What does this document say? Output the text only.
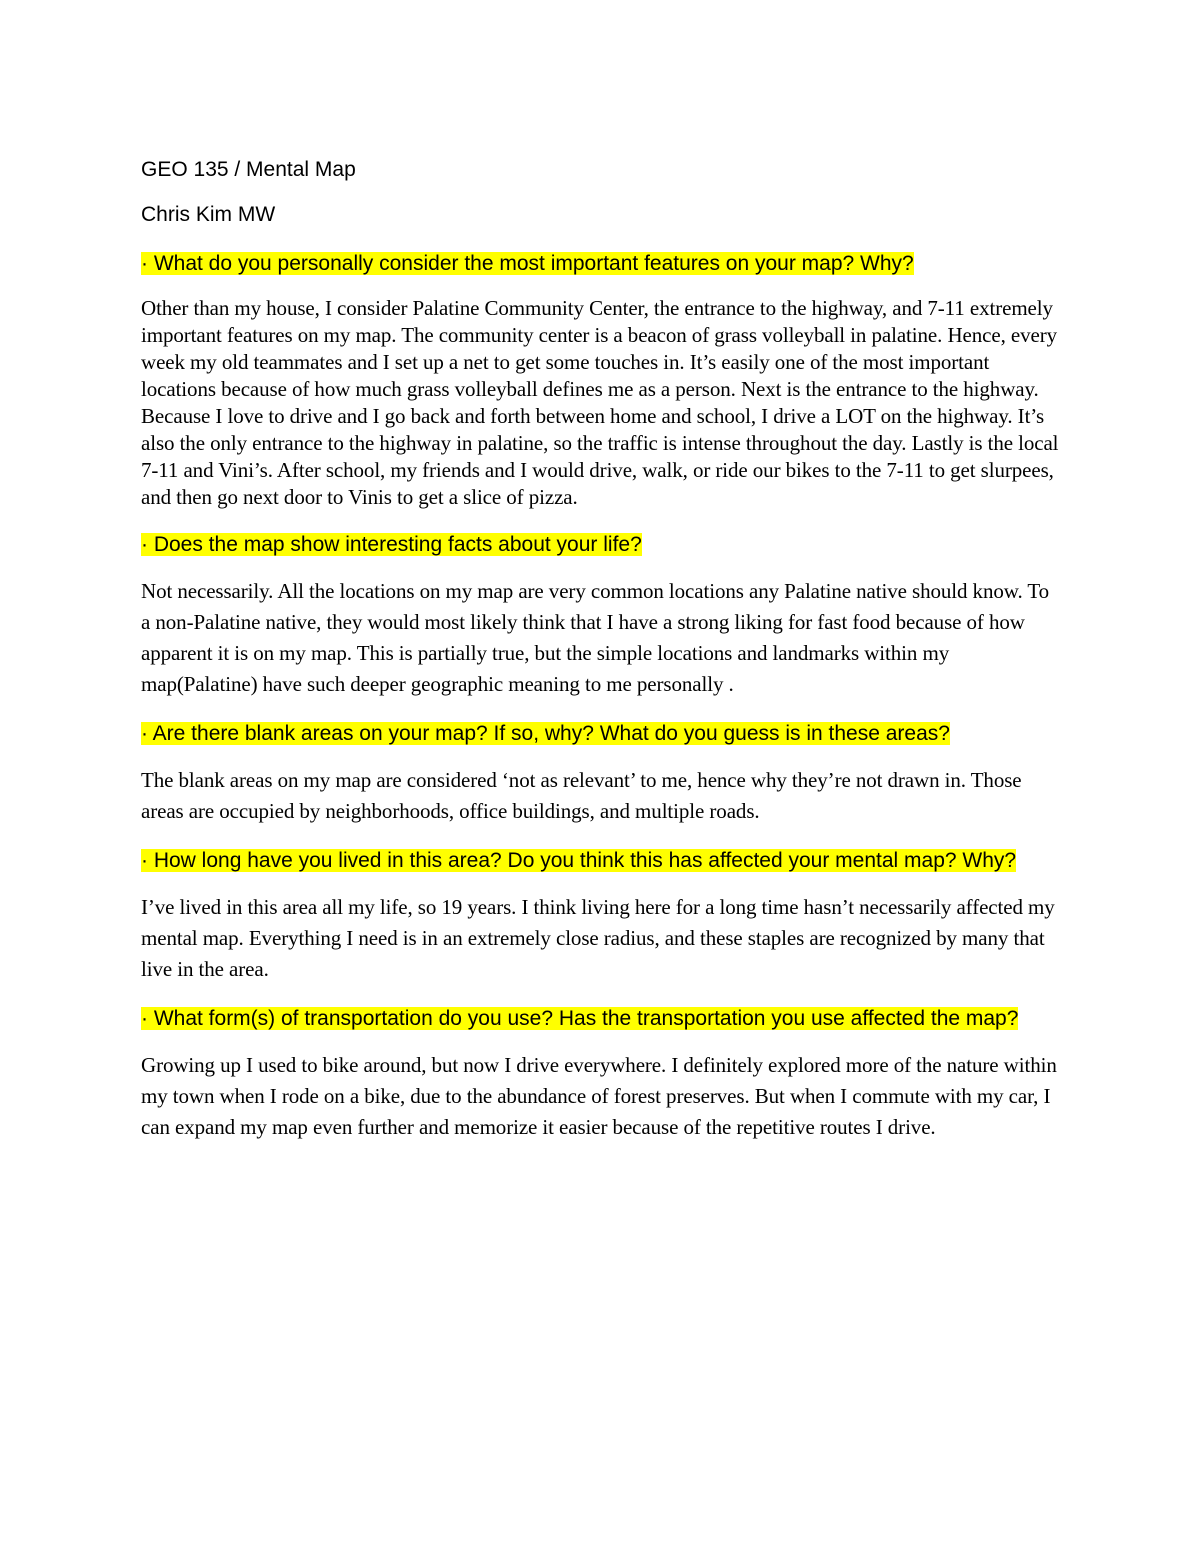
GEO 135 / Mental Map

Chris Kim MW

· What do you personally consider the most important features on your map? Why?

Other than my house, I consider Palatine Community Center, the entrance to the highway, and 7-11 extremely important features on my map. The community center is a beacon of grass volleyball in palatine. Hence, every week my old teammates and I set up a net to get some touches in. It’s easily one of the most important locations because of how much grass volleyball defines me as a person. Next is the entrance to the highway. Because I love to drive and I go back and forth between home and school, I drive a LOT on the highway. It’s also the only entrance to the highway in palatine, so the traffic is intense throughout the day. Lastly is the local 7-11 and Vini’s. After school, my friends and I would drive, walk, or ride our bikes to the 7-11 to get slurpees, and then go next door to Vinis to get a slice of pizza.

· Does the map show interesting facts about your life?

Not necessarily. All the locations on my map are very common locations any Palatine native should know. To a non-Palatine native, they would most likely think that I have a strong liking for fast food because of how apparent it is on my map. This is partially true, but the simple locations and landmarks within my map(Palatine) have such deeper geographic meaning to me personally .

· Are there blank areas on your map? If so, why? What do you guess is in these areas?

The blank areas on my map are considered ‘not as relevant’ to me, hence why they’re not drawn in. Those areas are occupied by neighborhoods, office buildings, and multiple roads.

· How long have you lived in this area? Do you think this has affected your mental map? Why?

I’ve lived in this area all my life, so 19 years. I think living here for a long time hasn’t necessarily affected my mental map. Everything I need is in an extremely close radius, and these staples are recognized by many that live in the area.

· What form(s) of transportation do you use? Has the transportation you use affected the map?

Growing up I used to bike around, but now I drive everywhere. I definitely explored more of the nature within my town when I rode on a bike, due to the abundance of forest preserves. But when I commute with my car, I can expand my map even further and memorize it easier because of the repetitive routes I drive.
